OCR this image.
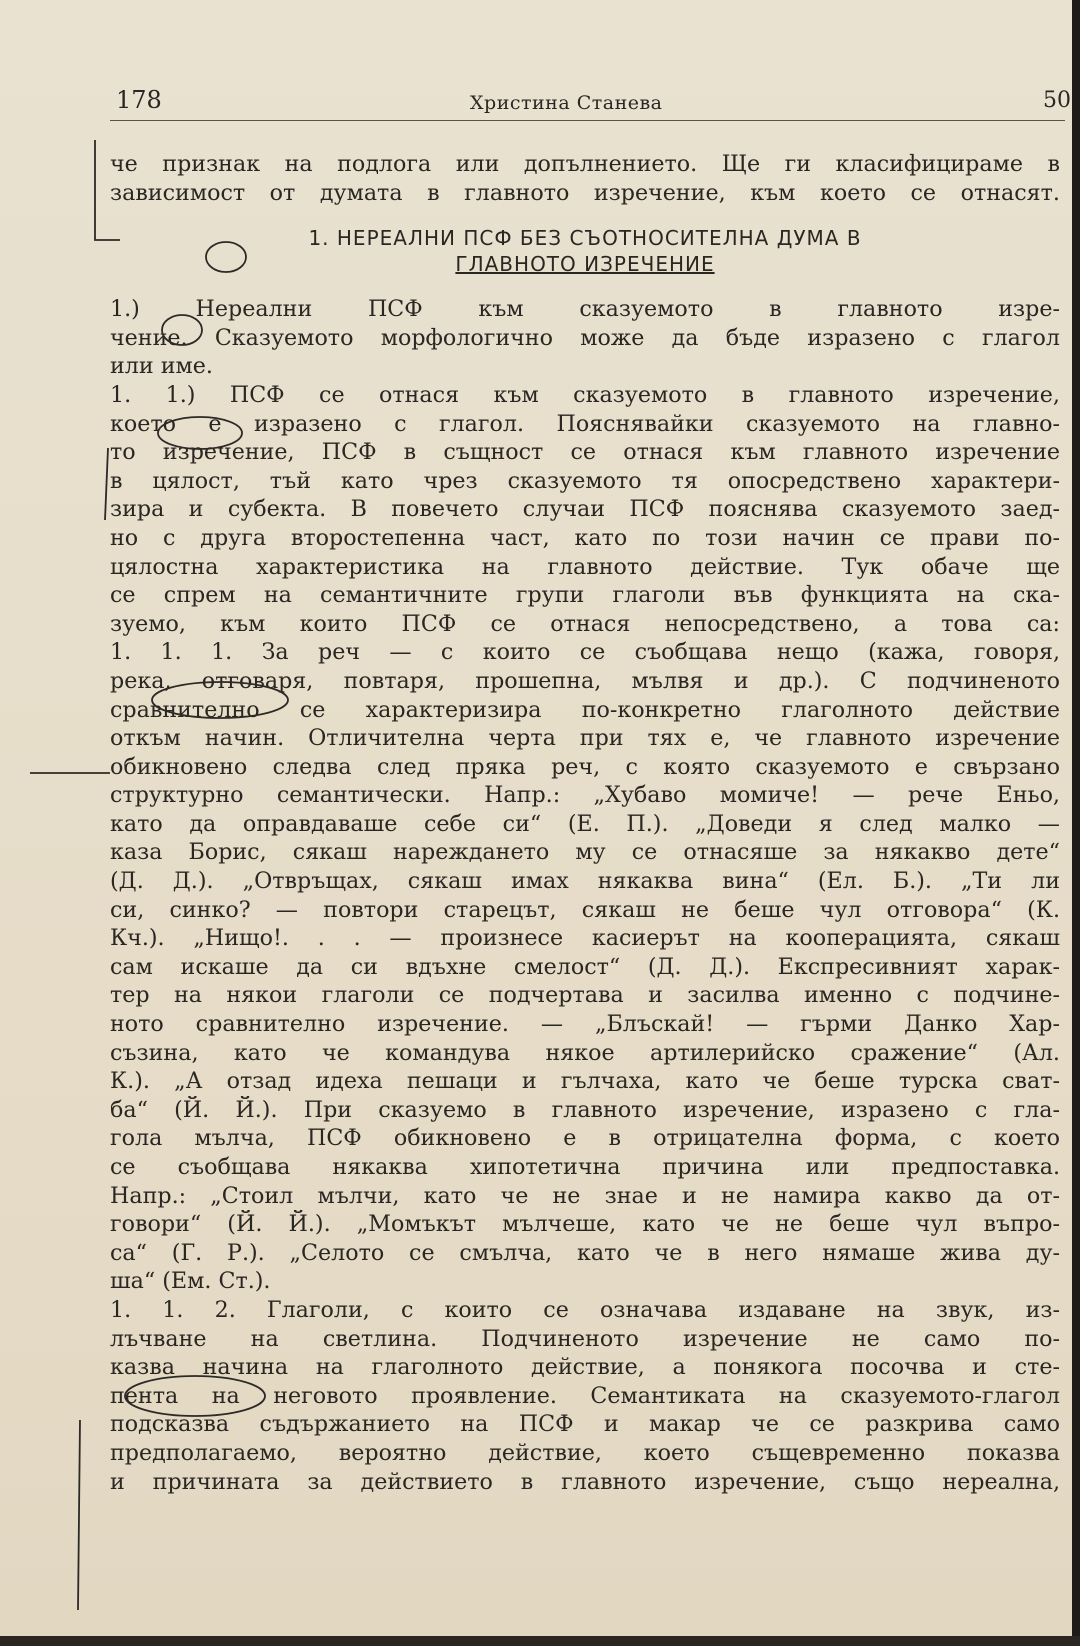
178	Христина Станева	50
че признак на подлога или допълнението. Ще ги класифицираме в
зависимост от думата в главното изречение, към което се отнасят.
1. НЕРЕАЛНИ ПСФ БЕЗ СЪОТНОСИТЕЛНА ДУМА В
ГЛАВНОТО ИЗРЕЧЕНИЕ
1.) Нереални ПСФ към сказуемото в главното изре-
чение. Сказуемото морфологично може да бъде изразено с глагол
или име.
1. 1.) ПСФ се отнася към сказуемото в главното изречение,
което е изразено с глагол. Пояснявайки сказуемото на главно-
то изречение, ПСФ в същност се отнася към главното изречение
в цялост, тъй като чрез сказуемото тя опосредствено характери-
зира и субекта. В повечето случаи ПСФ пояснява сказуемото заед-
но с друга второстепенна част, като по този начин се прави по-
цялостна характеристика на главното действие. Тук обаче ще
се спрем на семантичните групи глаголи във функцията на ска-
зуемо, към които ПСФ се отнася непосредствено, а това са:
1. 1. 1. За реч — с които се съобщава нещо (кажа, говоря,
река, отговаря, повтаря, прошепна, мълвя и др.). С подчиненото
сравнително се характеризира по-конкретно глаголното действие
откъм начин. Отличителна черта при тях е, че главното изречение
обикновено следва след пряка реч, с която сказуемото е свързано
структурно семантически. Напр.: „Хубаво момиче! — рече Еньо,
като да оправдаваше себе си“ (Е. П.). „Доведи я след малко —
каза Борис, сякаш нареждането му се отнасяше за някакво дете“
(Д. Д.). „Отвръщах, сякаш имах някаква вина“ (Ел. Б.). „Ти ли
си, синко? — повтори старецът, сякаш не беше чул отговора“ (К.
Кч.). „Нищо!. . . — произнесе касиерът на кооперацията, сякаш
сам искаше да си вдъхне смелост“ (Д. Д.). Експресивният харак-
тер на някои глаголи се подчертава и засилва именно с подчине-
ното сравнително изречение. — „Блъскай! — гърми Данко Хар-
съзина, като че командува някое артилерийско сражение“ (Ал.
К.). „А отзад идеха пешаци и гълчаха, като че беше турска сват-
ба“ (Й. Й.). При сказуемо в главното изречение, изразено с гла-
гола мълча, ПСФ обикновено е в отрицателна форма, с което
се съобщава някаква хипотетична причина или предпоставка.
Напр.: „Стоил мълчи, като че не знае и не намира какво да от-
говори“ (Й. Й.). „Момъкът мълчеше, като че не беше чул въпро-
са“ (Г. Р.). „Селото се смълча, като че в него нямаше жива ду-
ша“ (Ем. Ст.).
1. 1. 2. Глаголи, с които се означава издаване на звук, из-
лъчване на светлина. Подчиненото изречение не само по-
казва начина на глаголното действие, а понякога посочва и сте-
пента на неговото проявление. Семантиката на сказуемото-глагол
подсказва съдържанието на ПСФ и макар че се разкрива само
предполагаемо, вероятно действие, което същевременно показва
и причината за действието в главното изречение, също нереална,
